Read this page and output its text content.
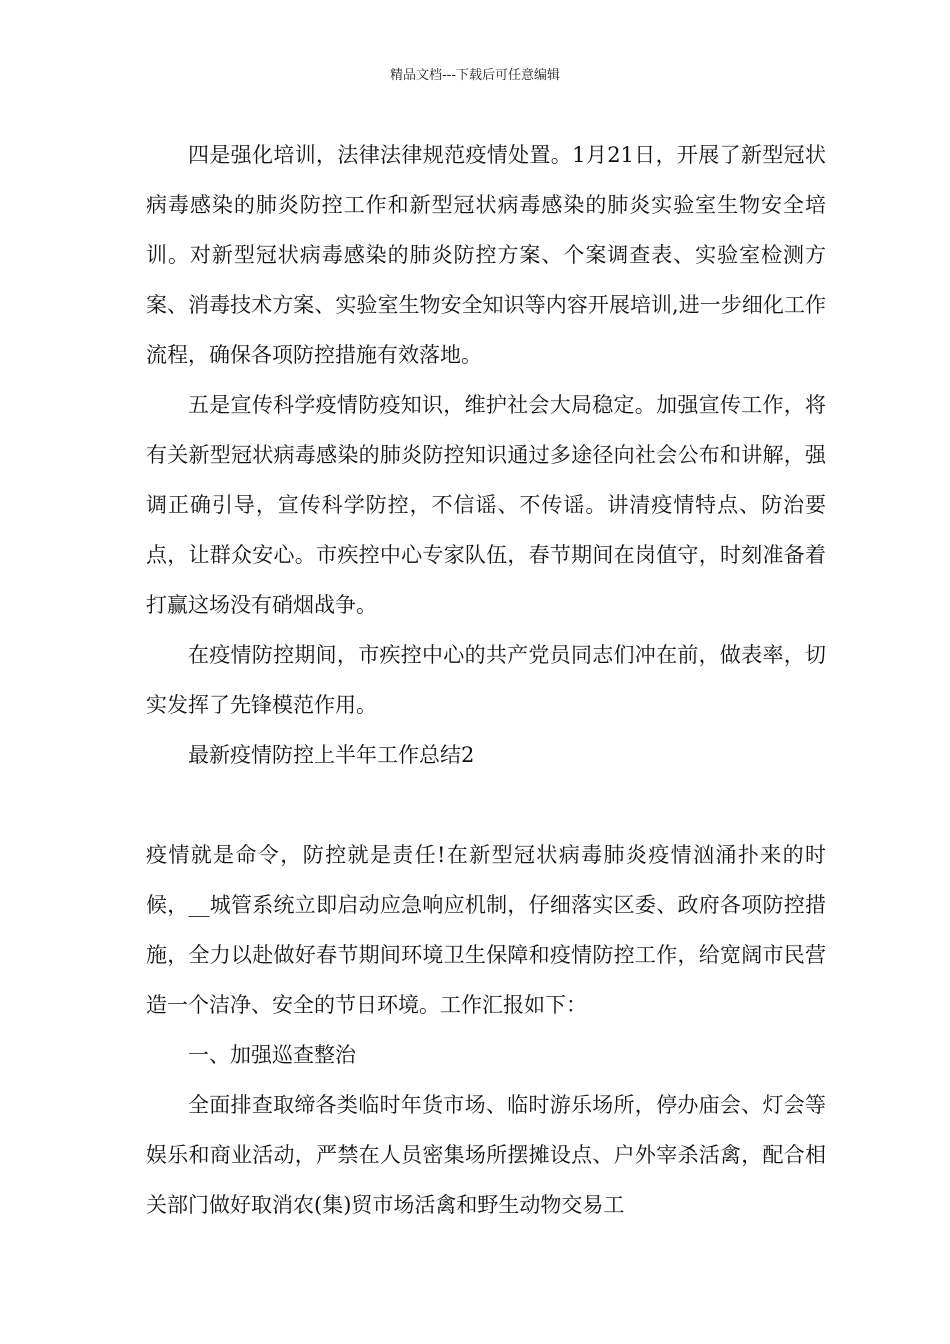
精品文档---下载后可任意编辑

四是强化培训，法律法律规范疫情处置。1月21日，开展了新型冠状病毒感染的肺炎防控工作和新型冠状病毒感染的肺炎实验室生物安全培训。对新型冠状病毒感染的肺炎防控方案、个案调查表、实验室检测方案、消毒技术方案、实验室生物安全知识等内容开展培训,进一步细化工作流程，确保各项防控措施有效落地。

五是宣传科学疫情防疫知识，维护社会大局稳定。加强宣传工作，将有关新型冠状病毒感染的肺炎防控知识通过多途径向社会公布和讲解，强调正确引导，宣传科学防控，不信谣、不传谣。讲清疫情特点、防治要点，让群众安心。市疾控中心专家队伍，春节期间在岗值守，时刻准备着打赢这场没有硝烟战争。

在疫情防控期间，市疾控中心的共产党员同志们冲在前，做表率，切实发挥了先锋模范作用。

最新疫情防控上半年工作总结2

疫情就是命令，防控就是责任!在新型冠状病毒肺炎疫情汹涌扑来的时候，__城管系统立即启动应急响应机制，仔细落实区委、政府各项防控措施，全力以赴做好春节期间环境卫生保障和疫情防控工作，给宽阔市民营造一个洁净、安全的节日环境。工作汇报如下：

一、加强巡查整治

全面排查取缔各类临时年货市场、临时游乐场所，停办庙会、灯会等娱乐和商业活动，严禁在人员密集场所摆摊设点、户外宰杀活禽，配合相关部门做好取消农(集)贸市场活禽和野生动物交易工
